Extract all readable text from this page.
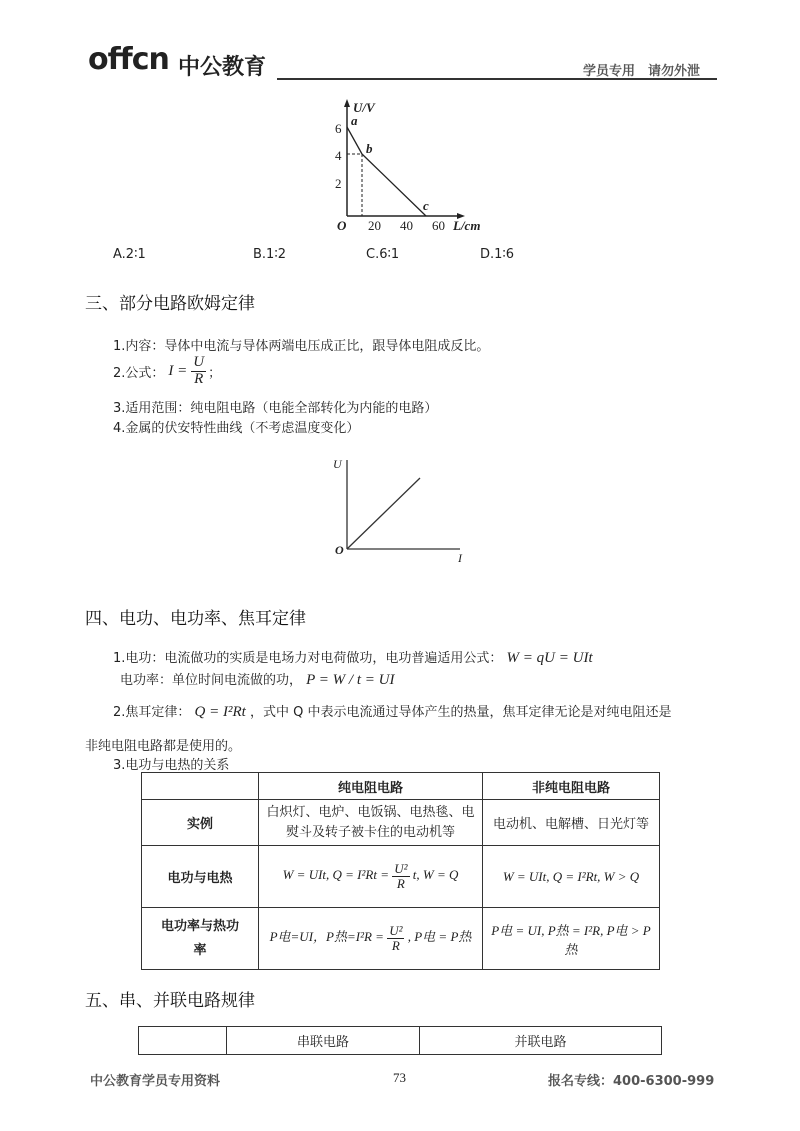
offcn 中公教育	学员专用　请勿外泄
U/V
L/cm
O
6
4
2
20 40 60
a
b
c
A.2∶1	B.1∶2	C.6∶1	D.1∶6
三、部分电路欧姆定律
1.内容：导体中电流与导体两端电压成正比，跟导体电阻成反比。
2.公式： $I = \frac{U}{R}$ ；
3.适用范围：纯电阻电路（电能全部转化为内能的电路）
4.金属的伏安特性曲线（不考虑温度变化）
U
I
O
四、电功、电功率、焦耳定律
1.电功：电流做功的实质是电场力对电荷做功，电功普遍适用公式： W = qU = UIt
电功率：单位时间电流做的功， P = W / t = UI
2.焦耳定律： Q = I²Rt ，式中 Q 中表示电流通过导体产生的热量，焦耳定律无论是对纯电阻还是
非纯电阻电路都是使用的。
3.电功与电热的关系
	纯电阻电路	非纯电阻电路
实例	白炽灯、电炉、电饭锅、电热毯、电熨斗及转子被卡住的电动机等	电动机、电解槽、日光灯等
电功与电热	W = UIt, $Q = I^2Rt = \frac{\text{U²}}{R} t$, W = Q	W = UIt, Q = I²Rt, W > Q
电功率与热功率	P电=UI，P热$=I^2R = \frac{\text{U²}}{R}$ , P电 = P热	P电 = UI, P热 = I²R, P电 > P热
五、串、并联电路规律
	串联电路	并联电路
中公教育学员专用资料	73	报名专线：400-6300-999
